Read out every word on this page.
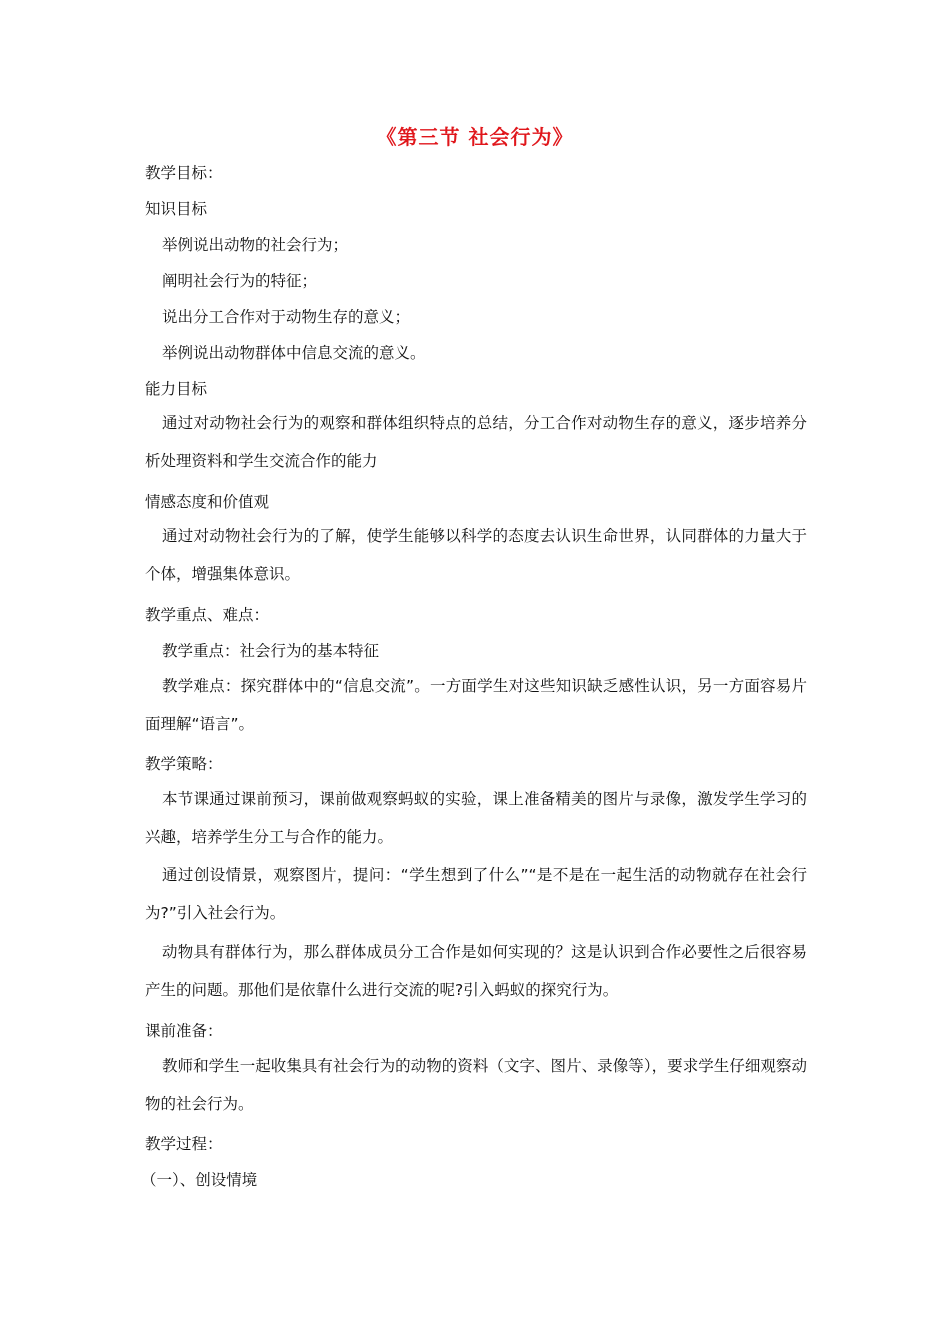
《第三节 社会行为》
教学目标：
知识目标
举例说出动物的社会行为；
阐明社会行为的特征；
说出分工合作对于动物生存的意义；
举例说出动物群体中信息交流的意义。
能力目标
通过对动物社会行为的观察和群体组织特点的总结，分工合作对动物生存的意义，逐步培养分析处理资料和学生交流合作的能力
情感态度和价值观
通过对动物社会行为的了解，使学生能够以科学的态度去认识生命世界，认同群体的力量大于个体，增强集体意识。
教学重点、难点：
教学重点：社会行为的基本特征
教学难点：探究群体中的“信息交流”。一方面学生对这些知识缺乏感性认识，另一方面容易片面理解“语言”。
教学策略：
本节课通过课前预习，课前做观察蚂蚁的实验，课上准备精美的图片与录像，激发学生学习的兴趣，培养学生分工与合作的能力。
通过创设情景，观察图片，提问：“学生想到了什么”“是不是在一起生活的动物就存在社会行为?”引入社会行为。
动物具有群体行为，那么群体成员分工合作是如何实现的？这是认识到合作必要性之后很容易产生的问题。那他们是依靠什么进行交流的呢?引入蚂蚁的探究行为。
课前准备：
教师和学生一起收集具有社会行为的动物的资料（文字、图片、录像等），要求学生仔细观察动物的社会行为。
教学过程：
（一）、创设情境
